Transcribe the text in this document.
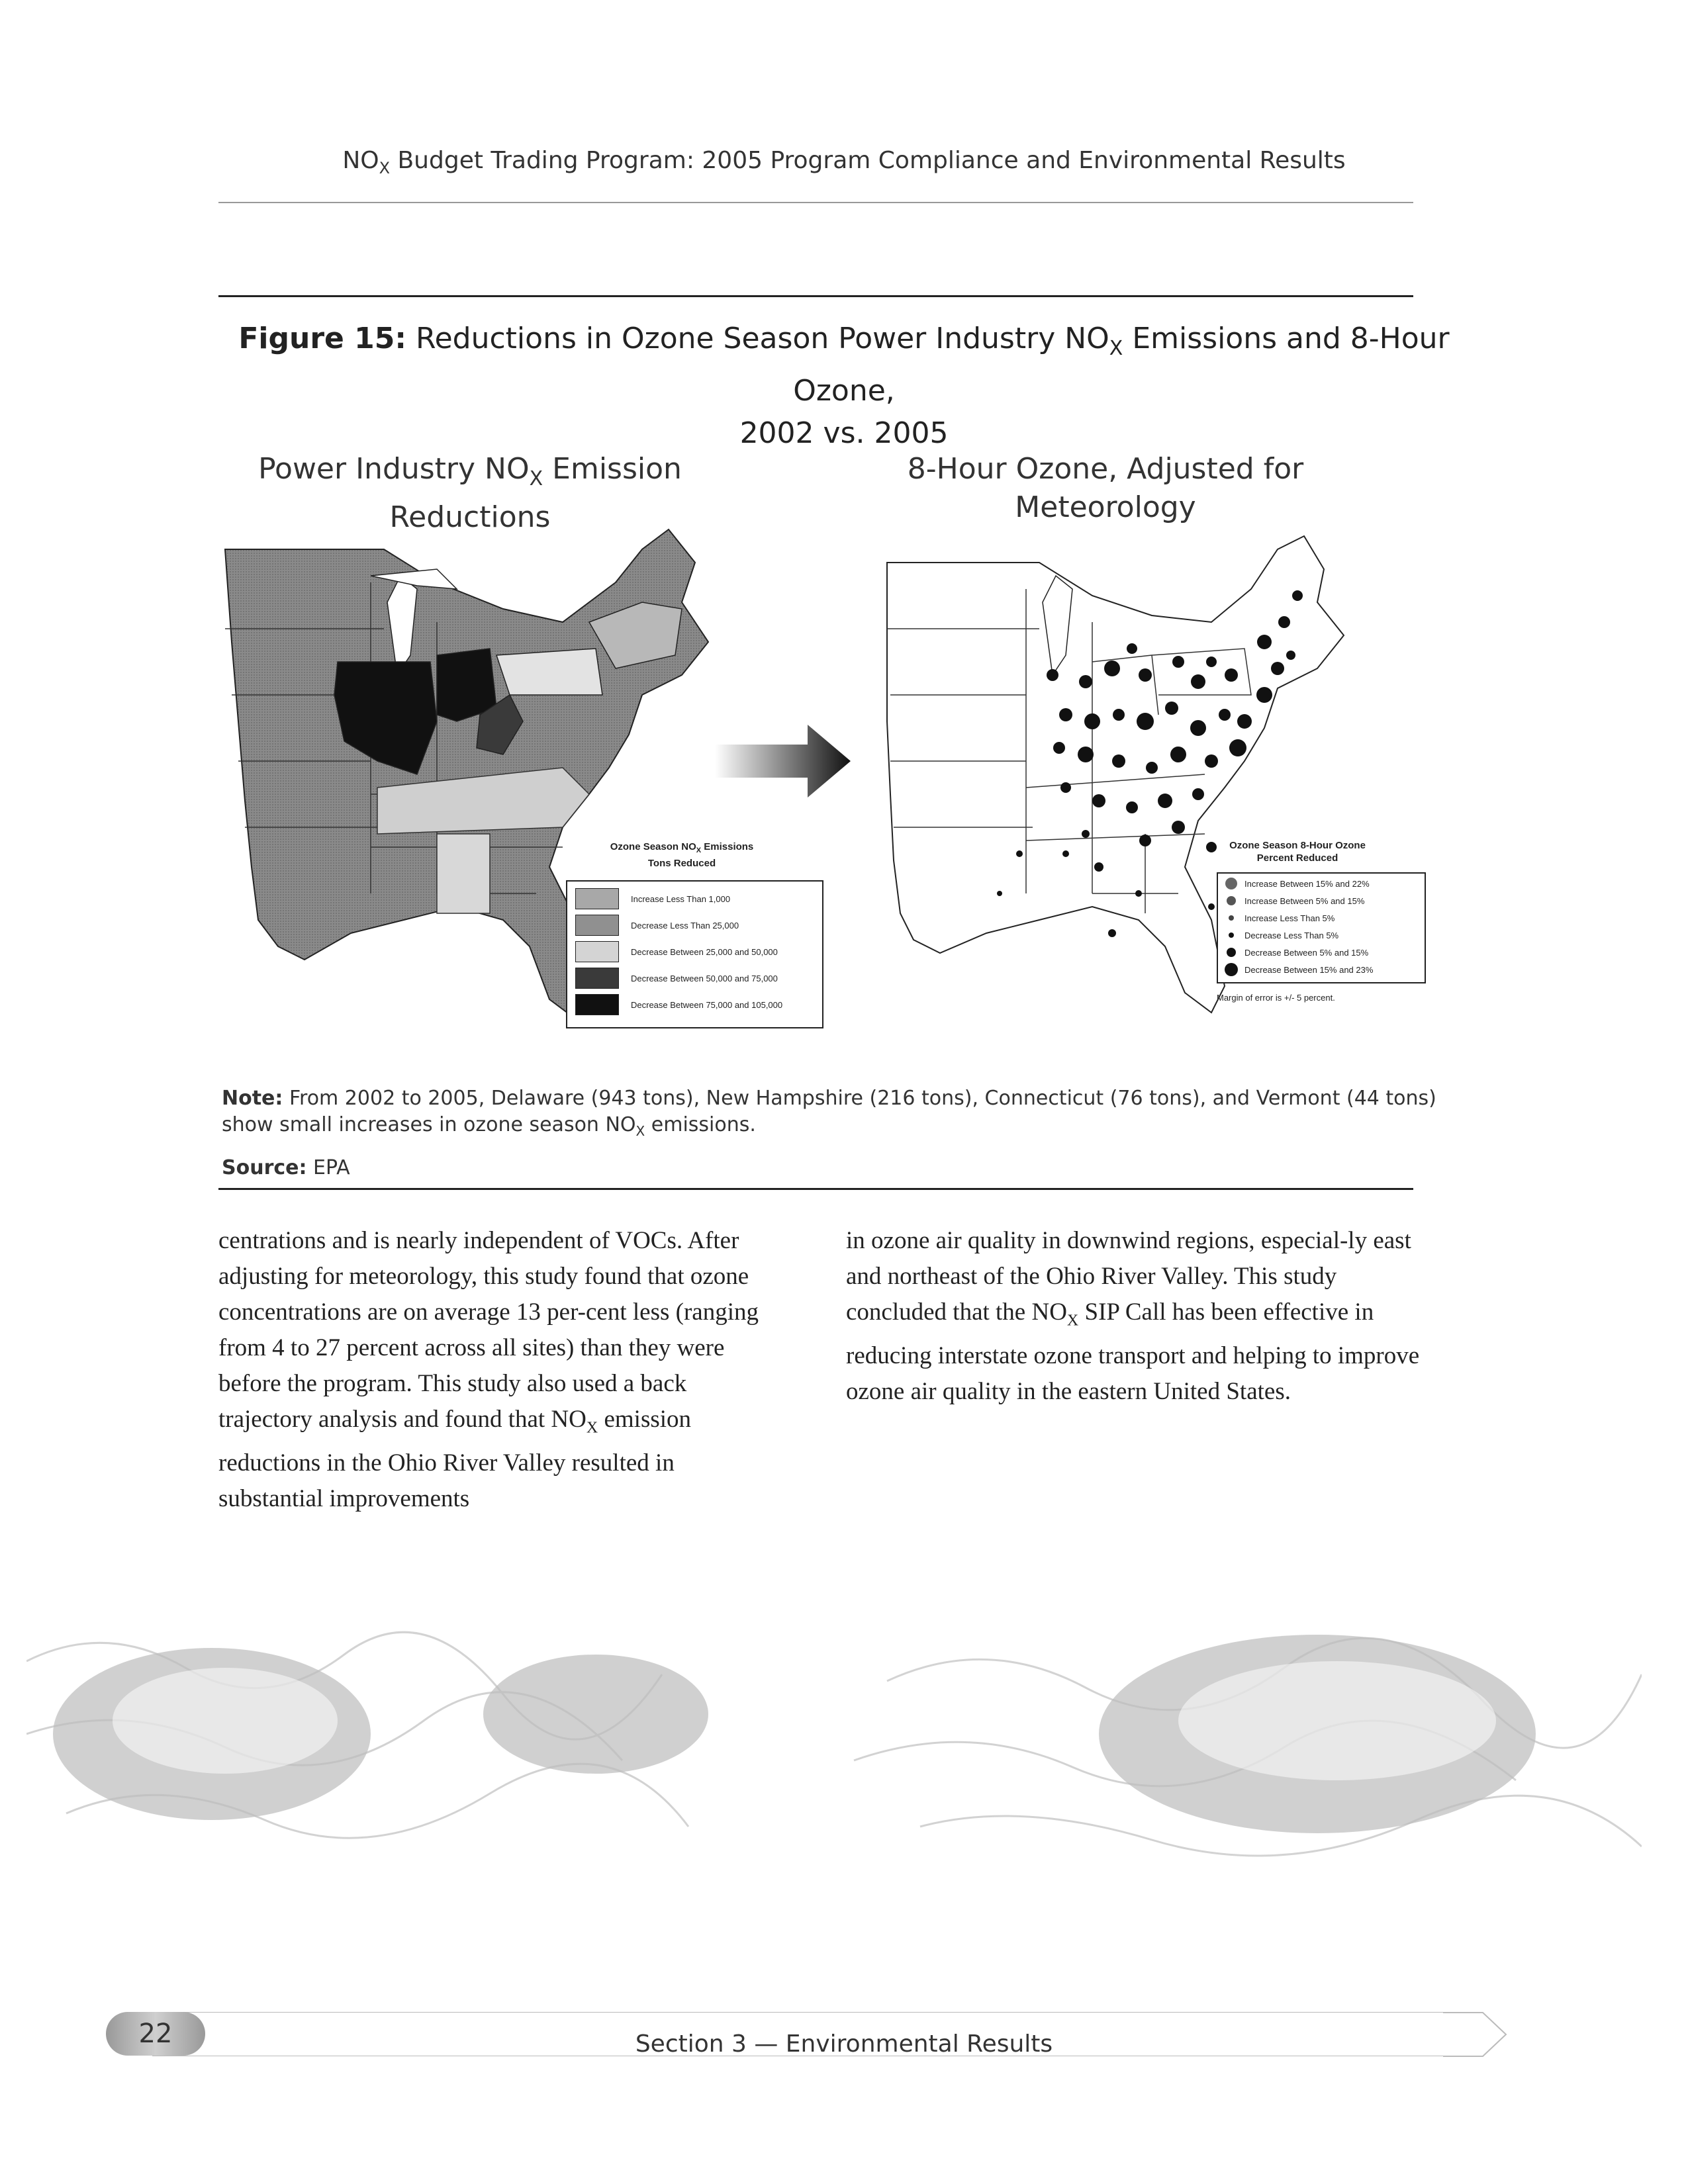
$NO_X$ Budget Trading Program: 2005 Program Compliance and Environmental Results
Figure 15: Reductions in Ozone Season Power Industry $NO_X$ Emissions and 8-Hour Ozone,
2002 vs. 2005
Power Industry $NO_X$ Emission
Reductions
8-Hour Ozone, Adjusted for
Meteorology
Ozone Season $NO_X$ Emissions
Tons Reduced
Increase Less Than 1,000
Decrease Less Than 25,000
Decrease Between 25,000 and 50,000
Decrease Between 50,000 and 75,000
Decrease Between 75,000 and 105,000
Ozone Season 8-Hour Ozone
Percent Reduced
Increase Between 15% and 22%
Increase Between 5% and 15%
Increase Less Than 5%
Decrease Less Than 5%
Decrease Between 5% and 15%
Decrease Between 15% and 23%
Margin of error is +/- 5 percent.
Note: From 2002 to 2005, Delaware (943 tons), New Hampshire (216 tons), Connecticut (76 tons), and Vermont (44 tons) show small increases in ozone season $NO_X$ emissions.
Source: EPA
centrations and is nearly independent of VOCs. After adjusting for meteorology, this study found that ozone concentrations are on average 13 per-cent less (ranging from 4 to 27 percent across all sites) than they were before the program. This study also used a back trajectory analysis and found that $NO_X$ emission reductions in the Ohio River Valley resulted in substantial improvements
in ozone air quality in downwind regions, especial-ly east and northeast of the Ohio River Valley. This study concluded that the $NO_X$ SIP Call has been effective in reducing interstate ozone transport and helping to improve ozone air quality in the eastern United States.
22	Section 3 — Environmental Results
